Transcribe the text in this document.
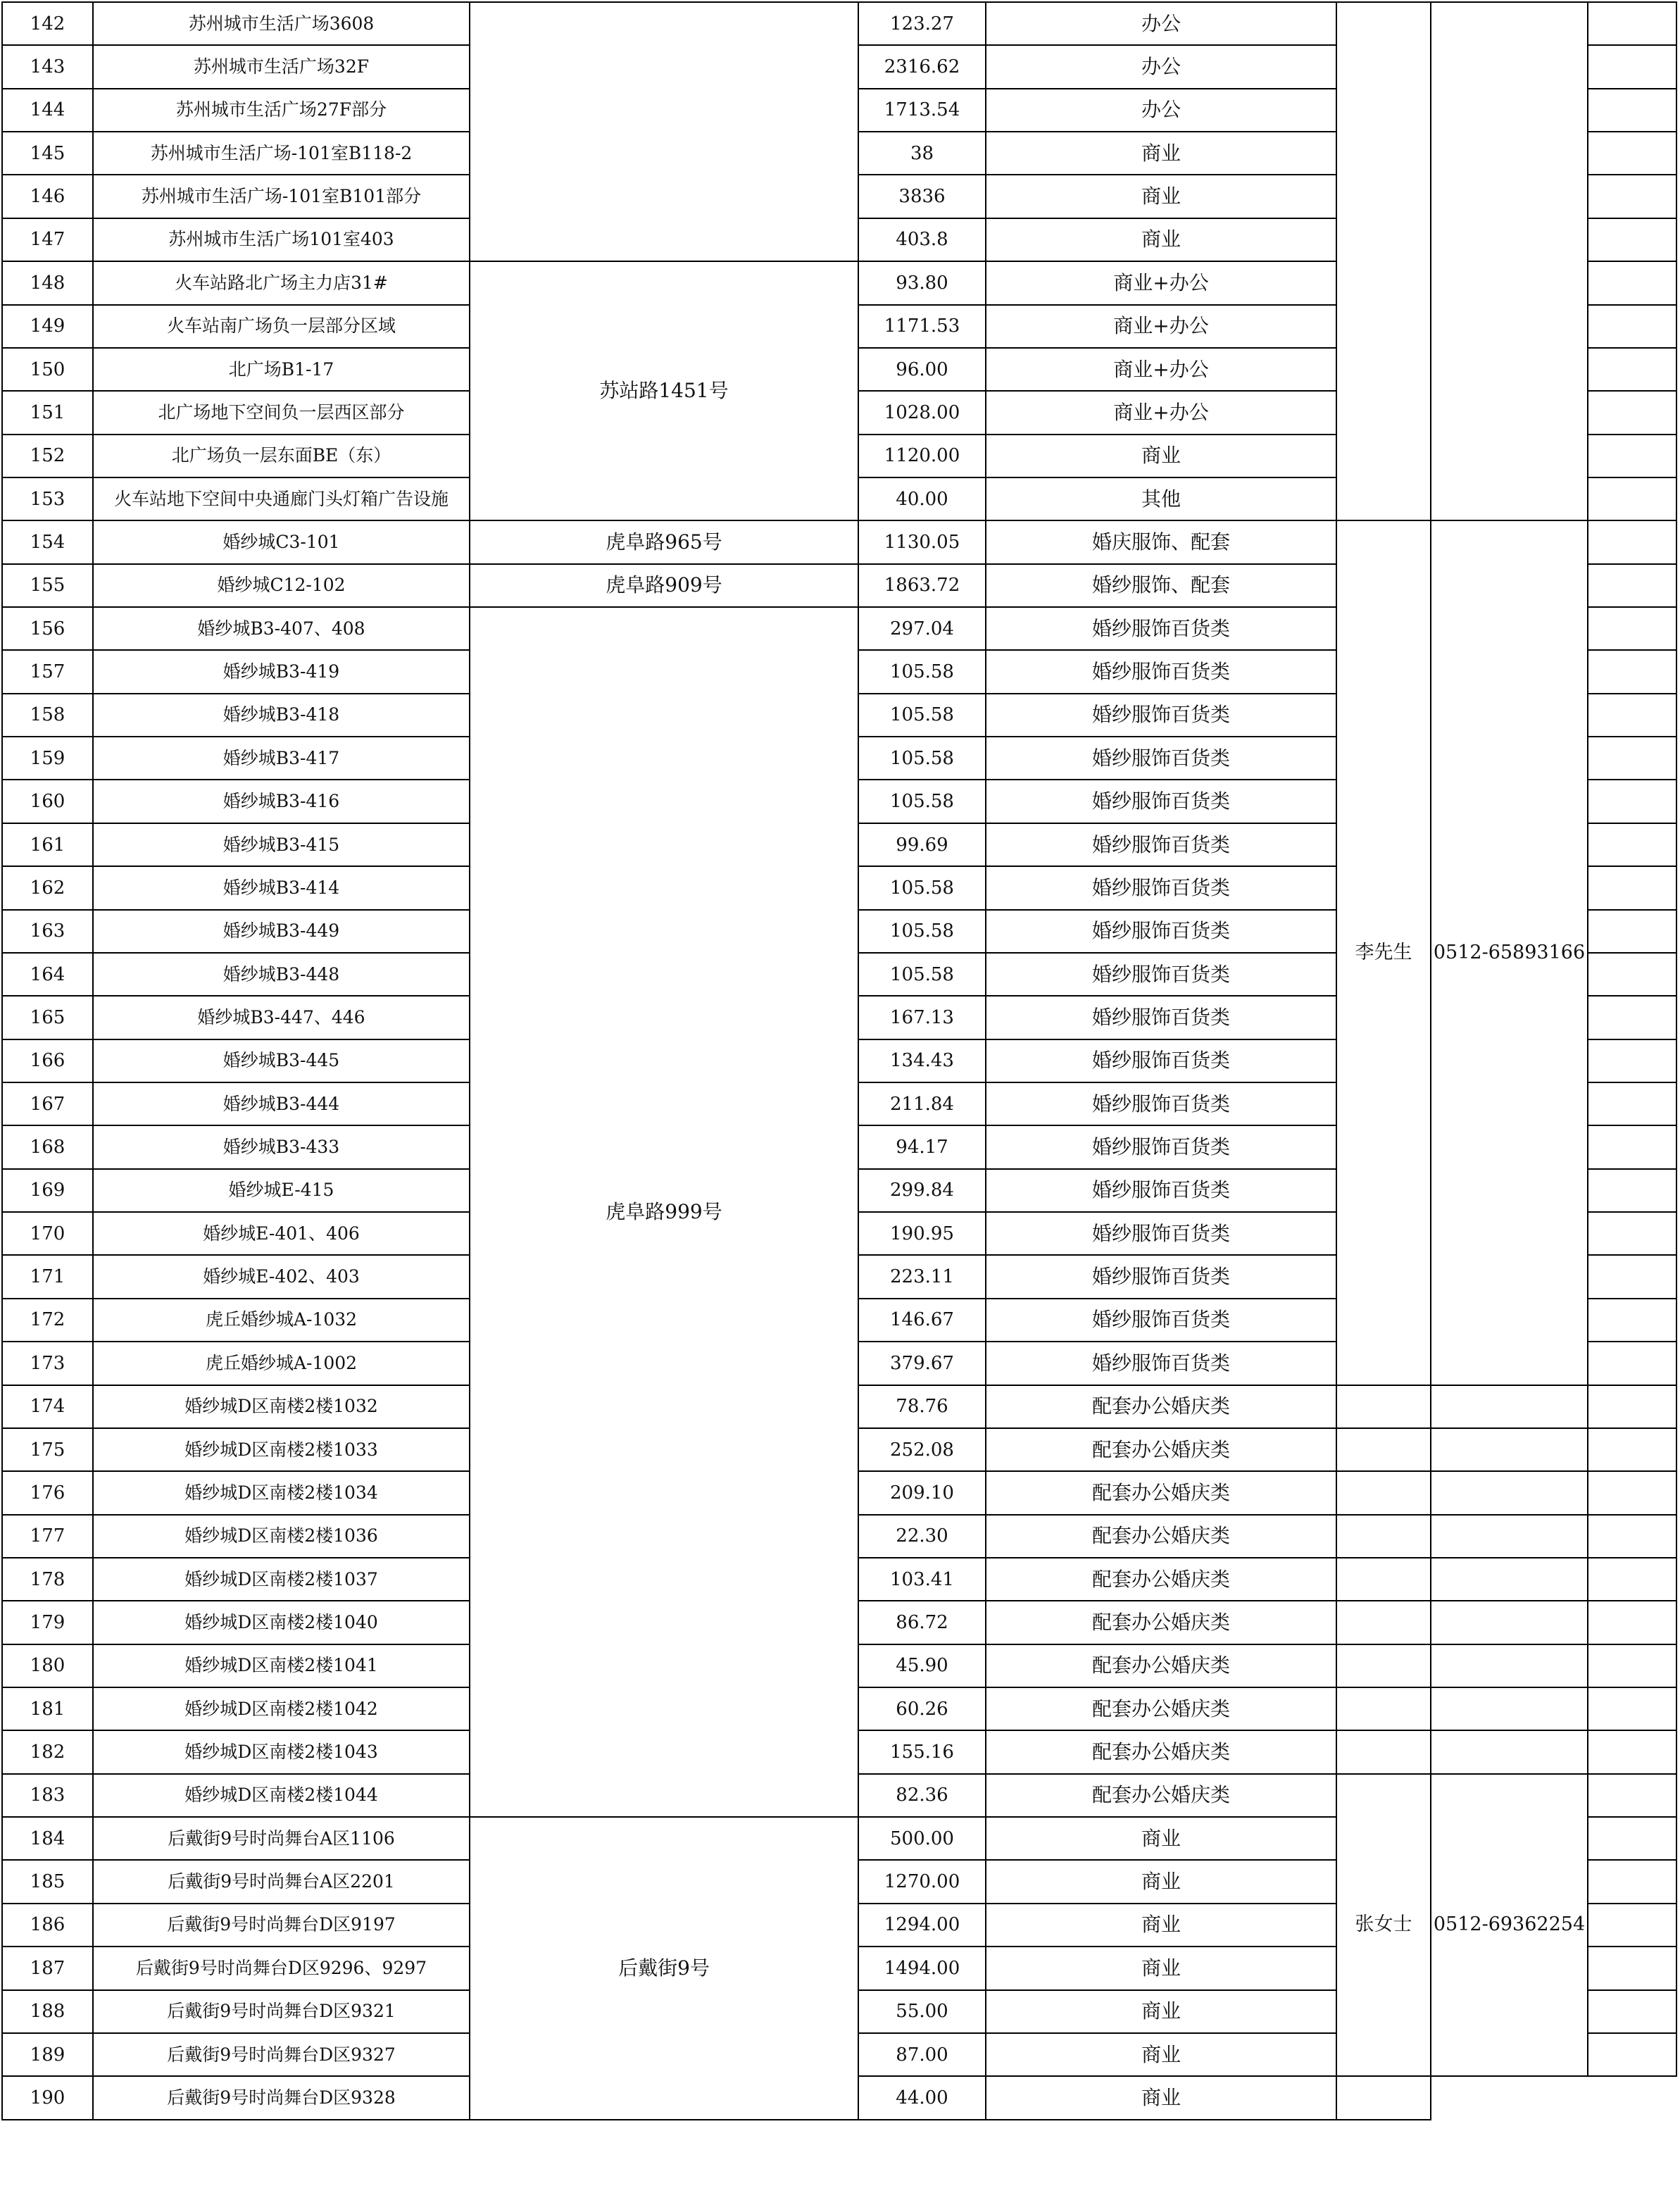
142	苏州城市生活广场3608		123.27	办公			
143	苏州城市生活广场32F		2316.62	办公			
144	苏州城市生活广场27F部分		1713.54	办公			
145	苏州城市生活广场-101室B118-2		38	商业			
146	苏州城市生活广场-101室B101部分		3836	商业			
147	苏州城市生活广场101室403		403.8	商业			
148	火车站路北广场主力店31#	苏站路1451号	93.80	商业+办公			
149	火车站南广场负一层部分区域		1171.53	商业+办公			
150	北广场B1-17		96.00	商业+办公			
151	北广场地下空间负一层西区部分		1028.00	商业+办公			
152	北广场负一层东面BE（东）		1120.00	商业			
153	火车站地下空间中央通廊门头灯箱广告设施		40.00	其他			
154	婚纱城C3-101	虎阜路965号	1130.05	婚庆服饰、配套	李先生	0512-65893166	
155	婚纱城C12-102	虎阜路909号	1863.72	婚纱服饰、配套			
156	婚纱城B3-407、408	虎阜路999号	297.04	婚纱服饰百货类			
157	婚纱城B3-419		105.58	婚纱服饰百货类			
158	婚纱城B3-418		105.58	婚纱服饰百货类			
159	婚纱城B3-417		105.58	婚纱服饰百货类			
160	婚纱城B3-416		105.58	婚纱服饰百货类			
161	婚纱城B3-415		99.69	婚纱服饰百货类			
162	婚纱城B3-414		105.58	婚纱服饰百货类			
163	婚纱城B3-449		105.58	婚纱服饰百货类			
164	婚纱城B3-448		105.58	婚纱服饰百货类			
165	婚纱城B3-447、446		167.13	婚纱服饰百货类			
166	婚纱城B3-445		134.43	婚纱服饰百货类			
167	婚纱城B3-444		211.84	婚纱服饰百货类			
168	婚纱城B3-433		94.17	婚纱服饰百货类			
169	婚纱城E-415		299.84	婚纱服饰百货类			
170	婚纱城E-401、406		190.95	婚纱服饰百货类			
171	婚纱城E-402、403		223.11	婚纱服饰百货类			
172	虎丘婚纱城A-1032		146.67	婚纱服饰百货类			
173	虎丘婚纱城A-1002		379.67	婚纱服饰百货类			
174	婚纱城D区南楼2楼1032		78.76	配套办公婚庆类			
175	婚纱城D区南楼2楼1033		252.08	配套办公婚庆类			
176	婚纱城D区南楼2楼1034		209.10	配套办公婚庆类			
177	婚纱城D区南楼2楼1036		22.30	配套办公婚庆类			
178	婚纱城D区南楼2楼1037		103.41	配套办公婚庆类			
179	婚纱城D区南楼2楼1040		86.72	配套办公婚庆类			
180	婚纱城D区南楼2楼1041		45.90	配套办公婚庆类			
181	婚纱城D区南楼2楼1042		60.26	配套办公婚庆类			
182	婚纱城D区南楼2楼1043		155.16	配套办公婚庆类			
183	婚纱城D区南楼2楼1044		82.36	配套办公婚庆类	张女士	0512-69362254	
184	后戴街9号时尚舞台A区1106	后戴街9号	500.00	商业			
185	后戴街9号时尚舞台A区2201		1270.00	商业			
186	后戴街9号时尚舞台D区9197		1294.00	商业			
187	后戴街9号时尚舞台D区9296、9297		1494.00	商业			
188	后戴街9号时尚舞台D区9321		55.00	商业			
189	后戴街9号时尚舞台D区9327		87.00	商业			
190	后戴街9号时尚舞台D区9328		44.00	商业			
